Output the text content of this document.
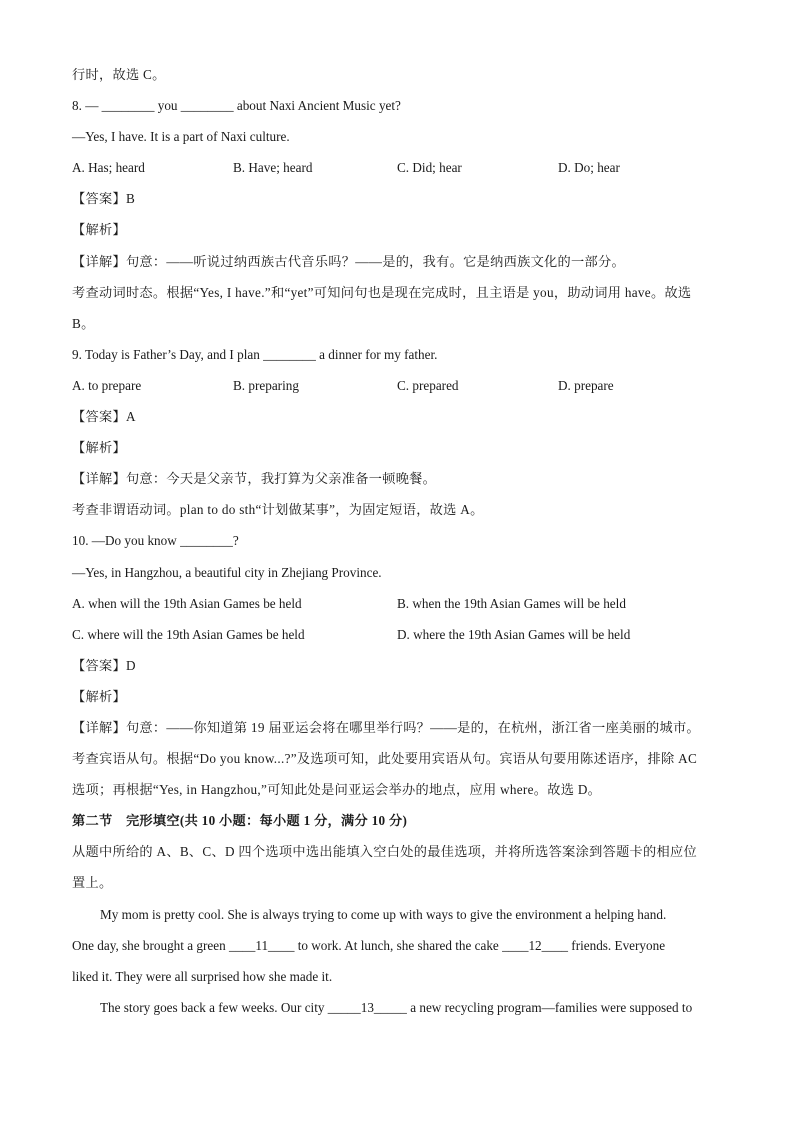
行时，故选 C。
8. — ________ you ________ about Naxi Ancient Music yet?
—Yes, I have. It is a part of Naxi culture.
A. Has; heard	B. Have; heard	C. Did; hear	D. Do; hear
【答案】B
【解析】
【详解】句意：——听说过纳西族古代音乐吗？——是的，我有。它是纳西族文化的一部分。
考查动词时态。根据“Yes, I have.”和“yet”可知问句也是现在完成时，且主语是 you，助动词用 have。故选
B。
9. Today is Father’s Day, and I plan ________ a dinner for my father.
A. to prepare	B. preparing	C. prepared	D. prepare
【答案】A
【解析】
【详解】句意：今天是父亲节，我打算为父亲准备一顿晚餐。
考查非谓语动词。plan to do sth“计划做某事”，为固定短语，故选 A。
10. —Do you know ________?
—Yes, in Hangzhou, a beautiful city in Zhejiang Province.
A. when will the 19th Asian Games be held	B. when the 19th Asian Games will be held
C. where will the 19th Asian Games be held	D. where the 19th Asian Games will be held
【答案】D
【解析】
【详解】句意：——你知道第 19 届亚运会将在哪里举行吗？——是的，在杭州，浙江省一座美丽的城市。
考查宾语从句。根据“Do you know...?”及选项可知，此处要用宾语从句。宾语从句要用陈述语序，排除 AC
选项；再根据“Yes, in Hangzhou,”可知此处是问亚运会举办的地点，应用 where。故选 D。
第二节　完形填空(共 10 小题：每小题 1 分，满分 10 分)
从题中所给的 A、B、C、D 四个选项中选出能填入空白处的最佳选项，并将所选答案涂到答题卡的相应位
置上。
My mom is pretty cool. She is always trying to come up with ways to give the environment a helping hand.
One day, she brought a green ____11____ to work. At lunch, she shared the cake ____12____ friends. Everyone
liked it. They were all surprised how she made it.
The story goes back a few weeks. Our city _____13_____ a new recycling program—families were supposed to
